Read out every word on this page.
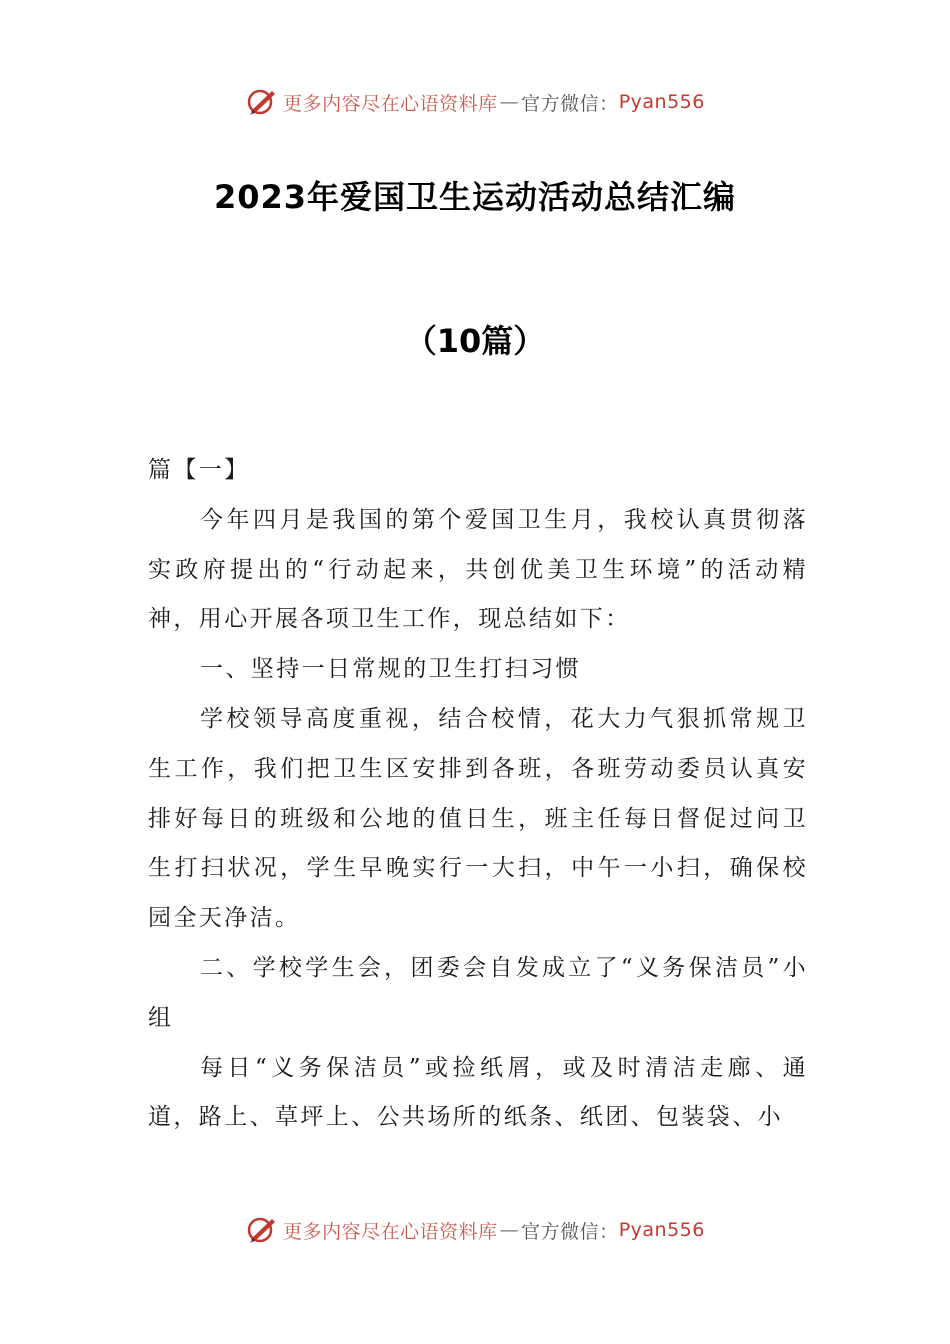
更多内容尽在心语资料库 — 官方微信： Pyan556
2023年爱国卫生运动活动总结汇编
（10篇）

篇【一】

今年四月是我国的第个爱国卫生月，我校认真贯彻落实政府提出的“行动起来，共创优美卫生环境”的活动精神，用心开展各项卫生工作，现总结如下：

一、坚持一日常规的卫生打扫习惯

学校领导高度重视，结合校情，花大力气狠抓常规卫生工作，我们把卫生区安排到各班，各班劳动委员认真安排好每日的班级和公地的值日生，班主任每日督促过问卫生打扫状况，学生早晚实行一大扫，中午一小扫，确保校园全天净洁。

二、学校学生会，团委会自发成立了“义务保洁员”小组

每日“义务保洁员”或捡纸屑，或及时清洁走廊、通道，路上、草坪上、公共场所的纸条、纸团、包装袋、小

更多内容尽在心语资料库 — 官方微信： Pyan556
